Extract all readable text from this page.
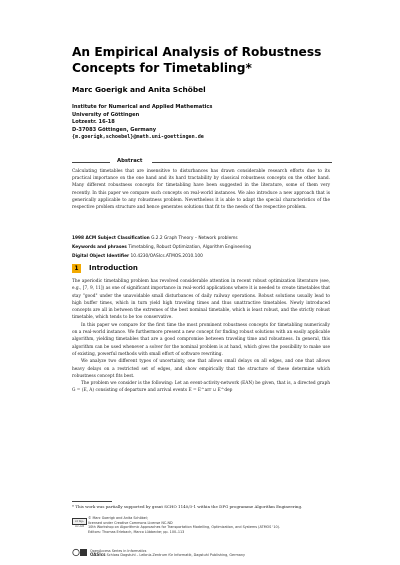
An Empirical Analysis of Robustness Concepts for Timetabling*
Marc Goerigk and Anita Schöbel
Institute for Numerical and Applied Mathematics
University of Göttingen
Lotzestr. 16-18
D-37083 Göttingen, Germany
{m.goerigk,schoebel}@math.uni-goettingen.de
Abstract
Calculating timetables that are insensitive to disturbances has drawn considerable research efforts due to its practical importance on the one hand and its hard tractability by classical robustness concepts on the other hand. Many different robustness concepts for timetabling have been suggested in the literature, some of them very recently. In this paper we compare such concepts on real-world instances. We also introduce a new approach that is generically applicable to any robustness problem. Nevertheless it is able to adapt the special characteristics of the respective problem structure and hence generates solutions that fit to the needs of the respective problem.
1998 ACM Subject Classification G.2.2 Graph Theory – Network problems
Keywords and phrases Timetabling, Robust Optimization, Algorithm Engineering
Digital Object Identifier 10.4230/OASIcs.ATMOS.2010.100
1	Introduction

The aperiodic timetabling problem has revolved considerable attention in recent robust optimization literature (see, e.g., [7, 9, 11]) as one of significant importance in real-world applications where it is needed to create timetables that stay "good" under the unavoidable small disturbances of daily railway operations. Robust solutions usually lead to high buffer times, which in turn yield high traveling times and thus unattractive timetables. Newly introduced concepts are all in between the extremes of the best nominal timetable, which is least robust, and the strictly robust timetable, which tends to be too conservative.

In this paper we compare for the first time the most prominent robustness concepts for timetabling numerically on a real-world instance. We furthermore present a new concept for finding robust solutions with an easily applicable algorithm, yielding timetables that are a good compromise between traveling time and robustness. In general, this algorithm can be used whenever a solver for the nominal problem is at hand, which gives the possibility to make use of existing, powerful methods with small effort of software rewriting.

We analyze two different types of uncertainty, one that allows small delays on all edges, and one that allows heavy delays on a restricted set of edges, and show empirically that the structure of these determine which robustness concept fits best.

The problem we consider is the following: Let an event-activity-network (EAN) be given, that is, a directed graph G = (E, A) consisting of departure and arrival events E = E^arr ∪ E^dep

* This work was partially supported by grant SCHO 1140/3-1 within the DFG programme Algorithm Engineering.
cc by-nc-nd
© Marc Goerigk and Anita Schöbel;
licensed under Creative Commons License NC-ND
10th Workshop on Algorithmic Approaches for Transportation Modelling, Optimization, and Systems (ATMOS '10).
Editors: Thomas Erlebach, Marco Lübbecke; pp. 100–113
OpenAccess Series in Informatics
OASIcs Schloss Dagstuhl – Leibniz-Zentrum für Informatik, Dagstuhl Publishing, Germany
